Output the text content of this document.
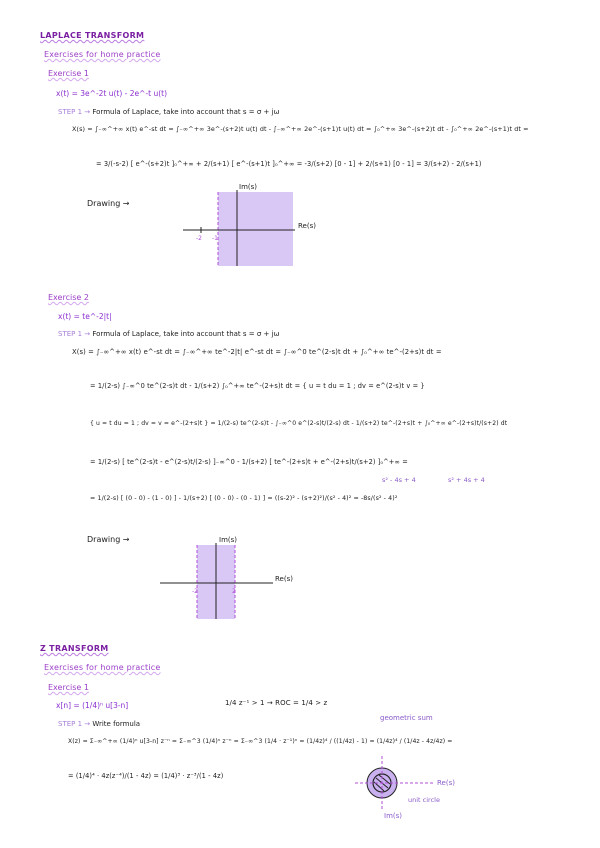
LAPLACE TRANSFORM
Exercises for home practice
Exercise 1
x(t) = 3e^-2t u(t) - 2e^-t u(t)
STEP 1 → Formula of Laplace, take into account that s = σ + jω
X(s) = ∫₋∞^+∞ x(t) e^-st dt = ∫₋∞^+∞ 3e^-(s+2)t u(t) dt - ∫₋∞^+∞ 2e^-(s+1)t u(t) dt = ∫₀^+∞ 3e^-(s+2)t dt - ∫₀^+∞ 2e^-(s+1)t dt =
= 3/(-s-2) [ e^-(s+2)t ]₀^+∞ + 2/(s+1) [ e^-(s+1)t ]₀^+∞ = -3/(s+2) [0 - 1] + 2/(s+1) [0 - 1] = 3/(s+2) - 2/(s+1)
Drawing →
-2 -1
Im(s)
Re(s)
Exercise 2
x(t) = te^-2|t|
STEP 1 → Formula of Laplace, take into account that s = σ + jω
X(s) = ∫₋∞^+∞ x(t) e^-st dt = ∫₋∞^+∞ te^-2|t| e^-st dt = ∫₋∞^0 te^(2-s)t dt + ∫₀^+∞ te^-(2+s)t dt =
= 1/(2-s) ∫₋∞^0 te^(2-s)t dt - 1/(s+2) ∫₀^+∞ te^-(2+s)t dt = { u = t du = 1 ; dv = e^(2-s)t v = }
{ u = t du = 1 ; dv = v = e^-(2+s)t } = 1/(2-s) te^(2-s)t - ∫₋∞^0 e^(2-s)t/(2-s) dt - 1/(s+2) te^-(2+s)t + ∫₀^+∞ e^-(2+s)t/(s+2) dt
= 1/(2-s) [ te^(2-s)t - e^(2-s)t/(2-s) ]₋∞^0 - 1/(s+2) [ te^-(2+s)t + e^-(2+s)t/(s+2) ]₀^+∞ =
s² - 4s + 4	s² + 4s + 4
= 1/(2-s) [ (0 - 0) - (1 - 0) ] - 1/(s+2) [ (0 - 0) - (0 - 1) ] = ((s-2)² - (s+2)²)/(s² - 4)² = -8s/(s² - 4)²
Drawing →
-2	2
Im(s)
Re(s)
Z TRANSFORM
Exercises for home practice
Exercise 1
x[n] = (1/4)ⁿ u[3-n]	1/4 z⁻¹ > 1 → ROC = 1/4 > z
STEP 1 → Write formula
geometric sum
X(z) = Σ₋∞^+∞ (1/4)ⁿ u[3-n] z⁻ⁿ = Σ₋∞^3 (1/4)ⁿ z⁻ⁿ = Σ₋∞^3 (1/4 · z⁻¹)ⁿ = (1/4z)⁴ / ((1/4z) - 1) = (1/4z)⁴ / (1/4z - 4z/4z) =
= (1/4)⁴ · 4z(z⁻⁴)/(1 - 4z) = (1/4)³ · z⁻³/(1 - 4z)
Re(s)
unit circle
Im(s)
